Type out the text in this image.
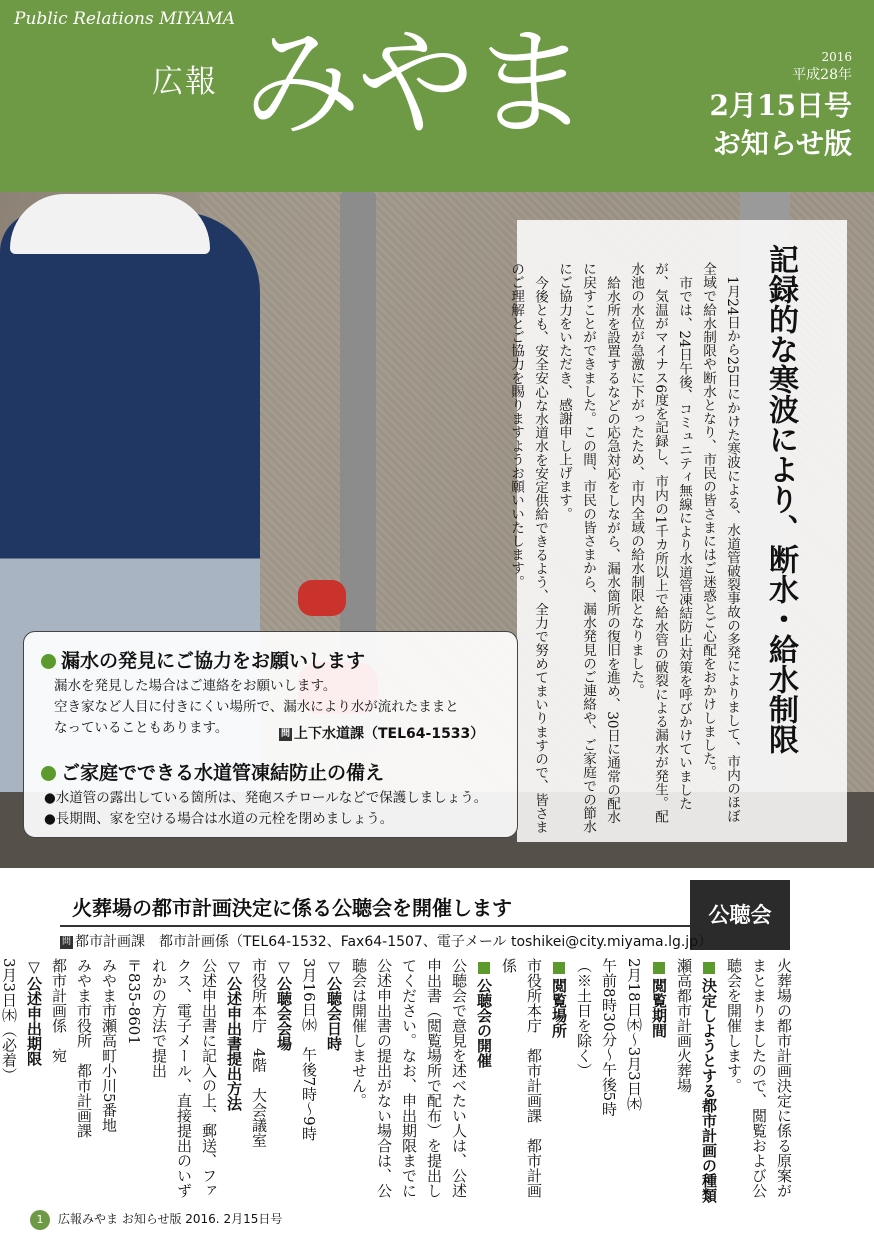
Public Relations MIYAMA
広報 みやま	2016
平成28年
2月15日号
お知らせ版
記録的な寒波により、断水・給水制限

1月24日から25日にかけた寒波による、水道管破裂事故の多発によりまして、市内のほぼ全域で給水制限や断水となり、市民の皆さまにはご迷惑とご心配をおかけしました。

市では、24日午後、コミュニティ無線により水道管凍結防止対策を呼びかけていましたが、気温がマイナス6度を記録し、市内の1千カ所以上で給水管の破裂による漏水が発生。配水池の水位が急激に下がったため、市内全域の給水制限となりました。

給水所を設置するなどの応急対応をしながら、漏水箇所の復旧を進め、30日に通常の配水に戻すことができました。この間、市民の皆さまから、漏水発見のご連絡や、ご家庭での節水にご協力をいただき、感謝申し上げます。

今後とも、安全安心な水道水を安定供給できるよう、全力で努めてまいりますので、皆さまのご理解とご協力を賜りますようお願いいたします。

漏水の発見にご協力をお願いします
漏水を発見した場合はご連絡をお願いします。
空き家など人目に付きにくい場所で、漏水により水が流れたままと
なっていることもあります。	問 上下水道課（TEL64-1533）
ご家庭でできる水道管凍結防止の備え
●水道管の露出している箇所は、発砲スチロールなどで保護しましょう。
●長期間、家を空ける場合は水道の元栓を閉めましょう。
火葬場の都市計画決定に係る公聴会を開催します	公聴会
問 都市計画課　都市計画係（TEL64-1532、Fax64-1507、電子メール toshikei@city.miyama.lg.jp）
火葬場の都市計画決定に係る原案がまとまりましたので、閲覧および公聴会を開催します。
決定しようとする都市計画の種類
瀬高都市計画火葬場
閲覧期間
2月18日㈭〜3月3日㈭
午前8時30分〜午後5時
（※土日を除く）
閲覧場所
市役所本庁　都市計画課　都市計画係
公聴会の開催
公聴会で意見を述べたい人は、公述申出書（閲覧場所で配布）を提出してください。なお、申出期限までに公述申出書の提出がない場合は、公聴会は開催しません。
▽公聴会日時
3月16日㈬　午後7時〜9時
▽公聴会会場
市役所本庁　4階　大会議室
▽公述申出書提出方法
公述申出書に記入の上、郵送、ファクス、電子メール、直接提出のいずれかの方法で提出
〒835-8601
みやま市瀬高町小川5番地
みやま市役所　都市計画課
都市計画係　宛
▽公述申出期限
3月3日㈭（必着）
1 広報みやま お知らせ版 2016. 2月15日号
